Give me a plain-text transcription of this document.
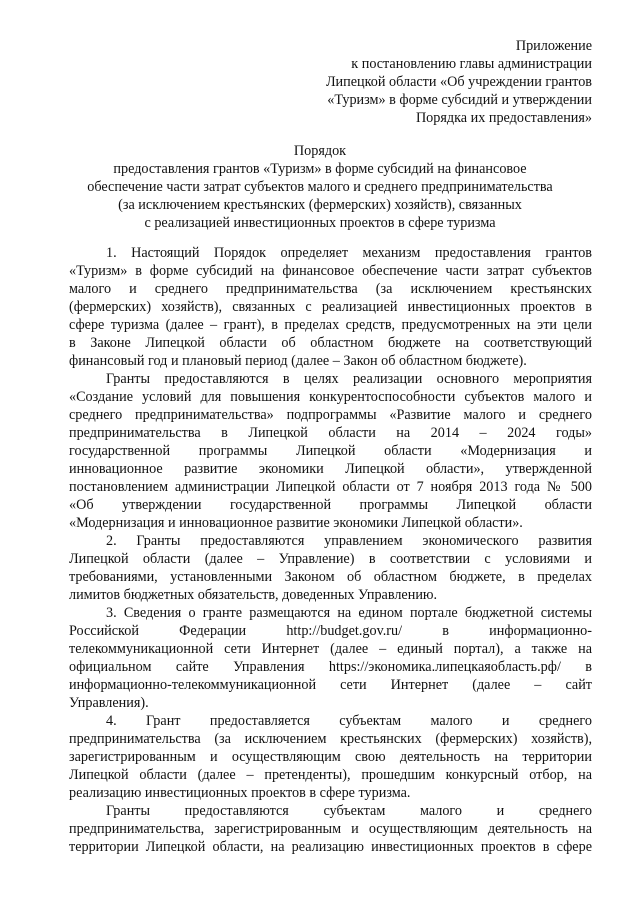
Приложение
к постановлению главы администрации
Липецкой области «Об учреждении грантов
«Туризм» в форме субсидий и утверждении
Порядка их предоставления»
Порядок
предоставления грантов «Туризм» в форме субсидий на финансовое
обеспечение части затрат субъектов малого и среднего предпринимательства
(за исключением крестьянских (фермерских) хозяйств), связанных
с реализацией инвестиционных проектов в сфере туризма
1. Настоящий Порядок определяет механизм предоставления грантов
«Туризм» в форме субсидий на финансовое обеспечение части затрат субъектов
малого и среднего предпринимательства (за исключением крестьянских
(фермерских) хозяйств), связанных с реализацией инвестиционных проектов в
сфере туризма (далее – грант), в пределах средств, предусмотренных на эти цели
в Законе Липецкой области об областном бюджете на соответствующий
финансовый год и плановый период (далее – Закон об областном бюджете).
Гранты предоставляются в целях реализации основного мероприятия
«Создание условий для повышения конкурентоспособности субъектов малого и
среднего предпринимательства» подпрограммы «Развитие малого и среднего
предпринимательства в Липецкой области на 2014 – 2024 годы»
государственной программы Липецкой области «Модернизация и
инновационное развитие экономики Липецкой области», утвержденной
постановлением администрации Липецкой области от 7 ноября 2013 года № 500
«Об утверждении государственной программы Липецкой области
«Модернизация и инновационное развитие экономики Липецкой области».
2. Гранты предоставляются управлением экономического развития
Липецкой области (далее – Управление) в соответствии с условиями и
требованиями, установленными Законом об областном бюджете, в пределах
лимитов бюджетных обязательств, доведенных Управлению.
3. Сведения о гранте размещаются на едином портале бюджетной системы
Российской Федерации http://budget.gov.ru/ в информационно-
телекоммуникационной сети Интернет (далее – единый портал), а также на
официальном сайте Управления https://экономика.липецкаяобласть.рф/ в
информационно-телекоммуникационной сети Интернет (далее – сайт
Управления).
4. Грант предоставляется субъектам малого и среднего
предпринимательства (за исключением крестьянских (фермерских) хозяйств),
зарегистрированным и осуществляющим свою деятельность на территории
Липецкой области (далее – претенденты), прошедшим конкурсный отбор, на
реализацию инвестиционных проектов в сфере туризма.
Гранты предоставляются субъектам малого и среднего
предпринимательства, зарегистрированным и осуществляющим деятельность на
территории Липецкой области, на реализацию инвестиционных проектов в сфере
